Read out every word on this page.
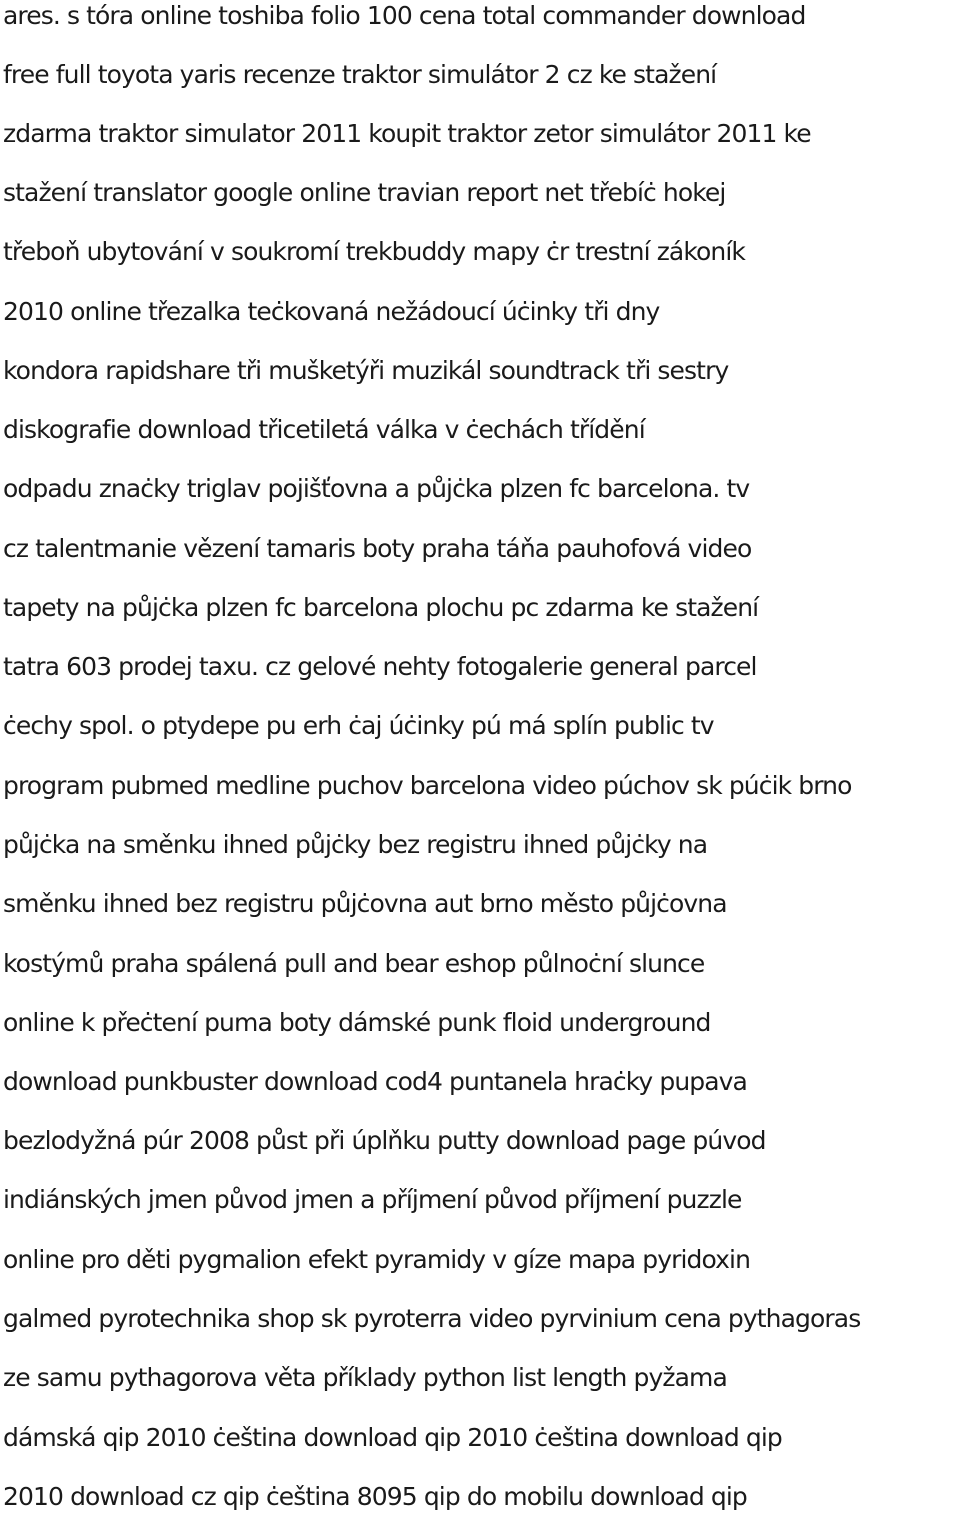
ares. s tóra online toshiba folio 100 cena total commander download
free full toyota yaris recenze traktor simulátor 2 cz ke stažení
zdarma traktor simulator 2011 koupit traktor zetor simulátor 2011 ke
stažení translator google online travian report net třebíċ hokej
třeboň ubytování v soukromí trekbuddy mapy ċr trestní zákoník
2010 online třezalka teċkovaná nežádoucí úċinky tři dny
kondora rapidshare tři mušketýři muzikál soundtrack tři sestry
diskografie download třicetiletá válka v ċechách třídění
odpadu znaċky triglav pojišťovna a půjċka plzen fc barcelona. tv
cz talentmanie vězení tamaris boty praha táňa pauhofová video
tapety na půjċka plzen fc barcelona plochu pc zdarma ke stažení
tatra 603 prodej taxu. cz gelové nehty fotogalerie general parcel
ċechy spol. o ptydepe pu erh ċaj úċinky pú má splín public tv
program pubmed medline puchov barcelona video púchov sk púċik brno
půjċka na směnku ihned půjċky bez registru ihned půjċky na
směnku ihned bez registru půjċovna aut brno město půjċovna
kostýmů praha spálená pull and bear eshop půlnoċní slunce
online k přeċtení puma boty dámské punk floid underground
download punkbuster download cod4 puntanela hraċky pupava
bezlodyžná púr 2008 půst při úplňku putty download page púvod
indiánských jmen původ jmen a příjmení původ příjmení puzzle
online pro děti pygmalion efekt pyramidy v gíze mapa pyridoxin
galmed pyrotechnika shop sk pyroterra video pyrvinium cena pythagoras
ze samu pythagorova věta příklady python list length pyžama
dámská qip 2010 ċeština download qip 2010 ċeština download qip
2010 download cz qip ċeština 8095 qip do mobilu download qip
